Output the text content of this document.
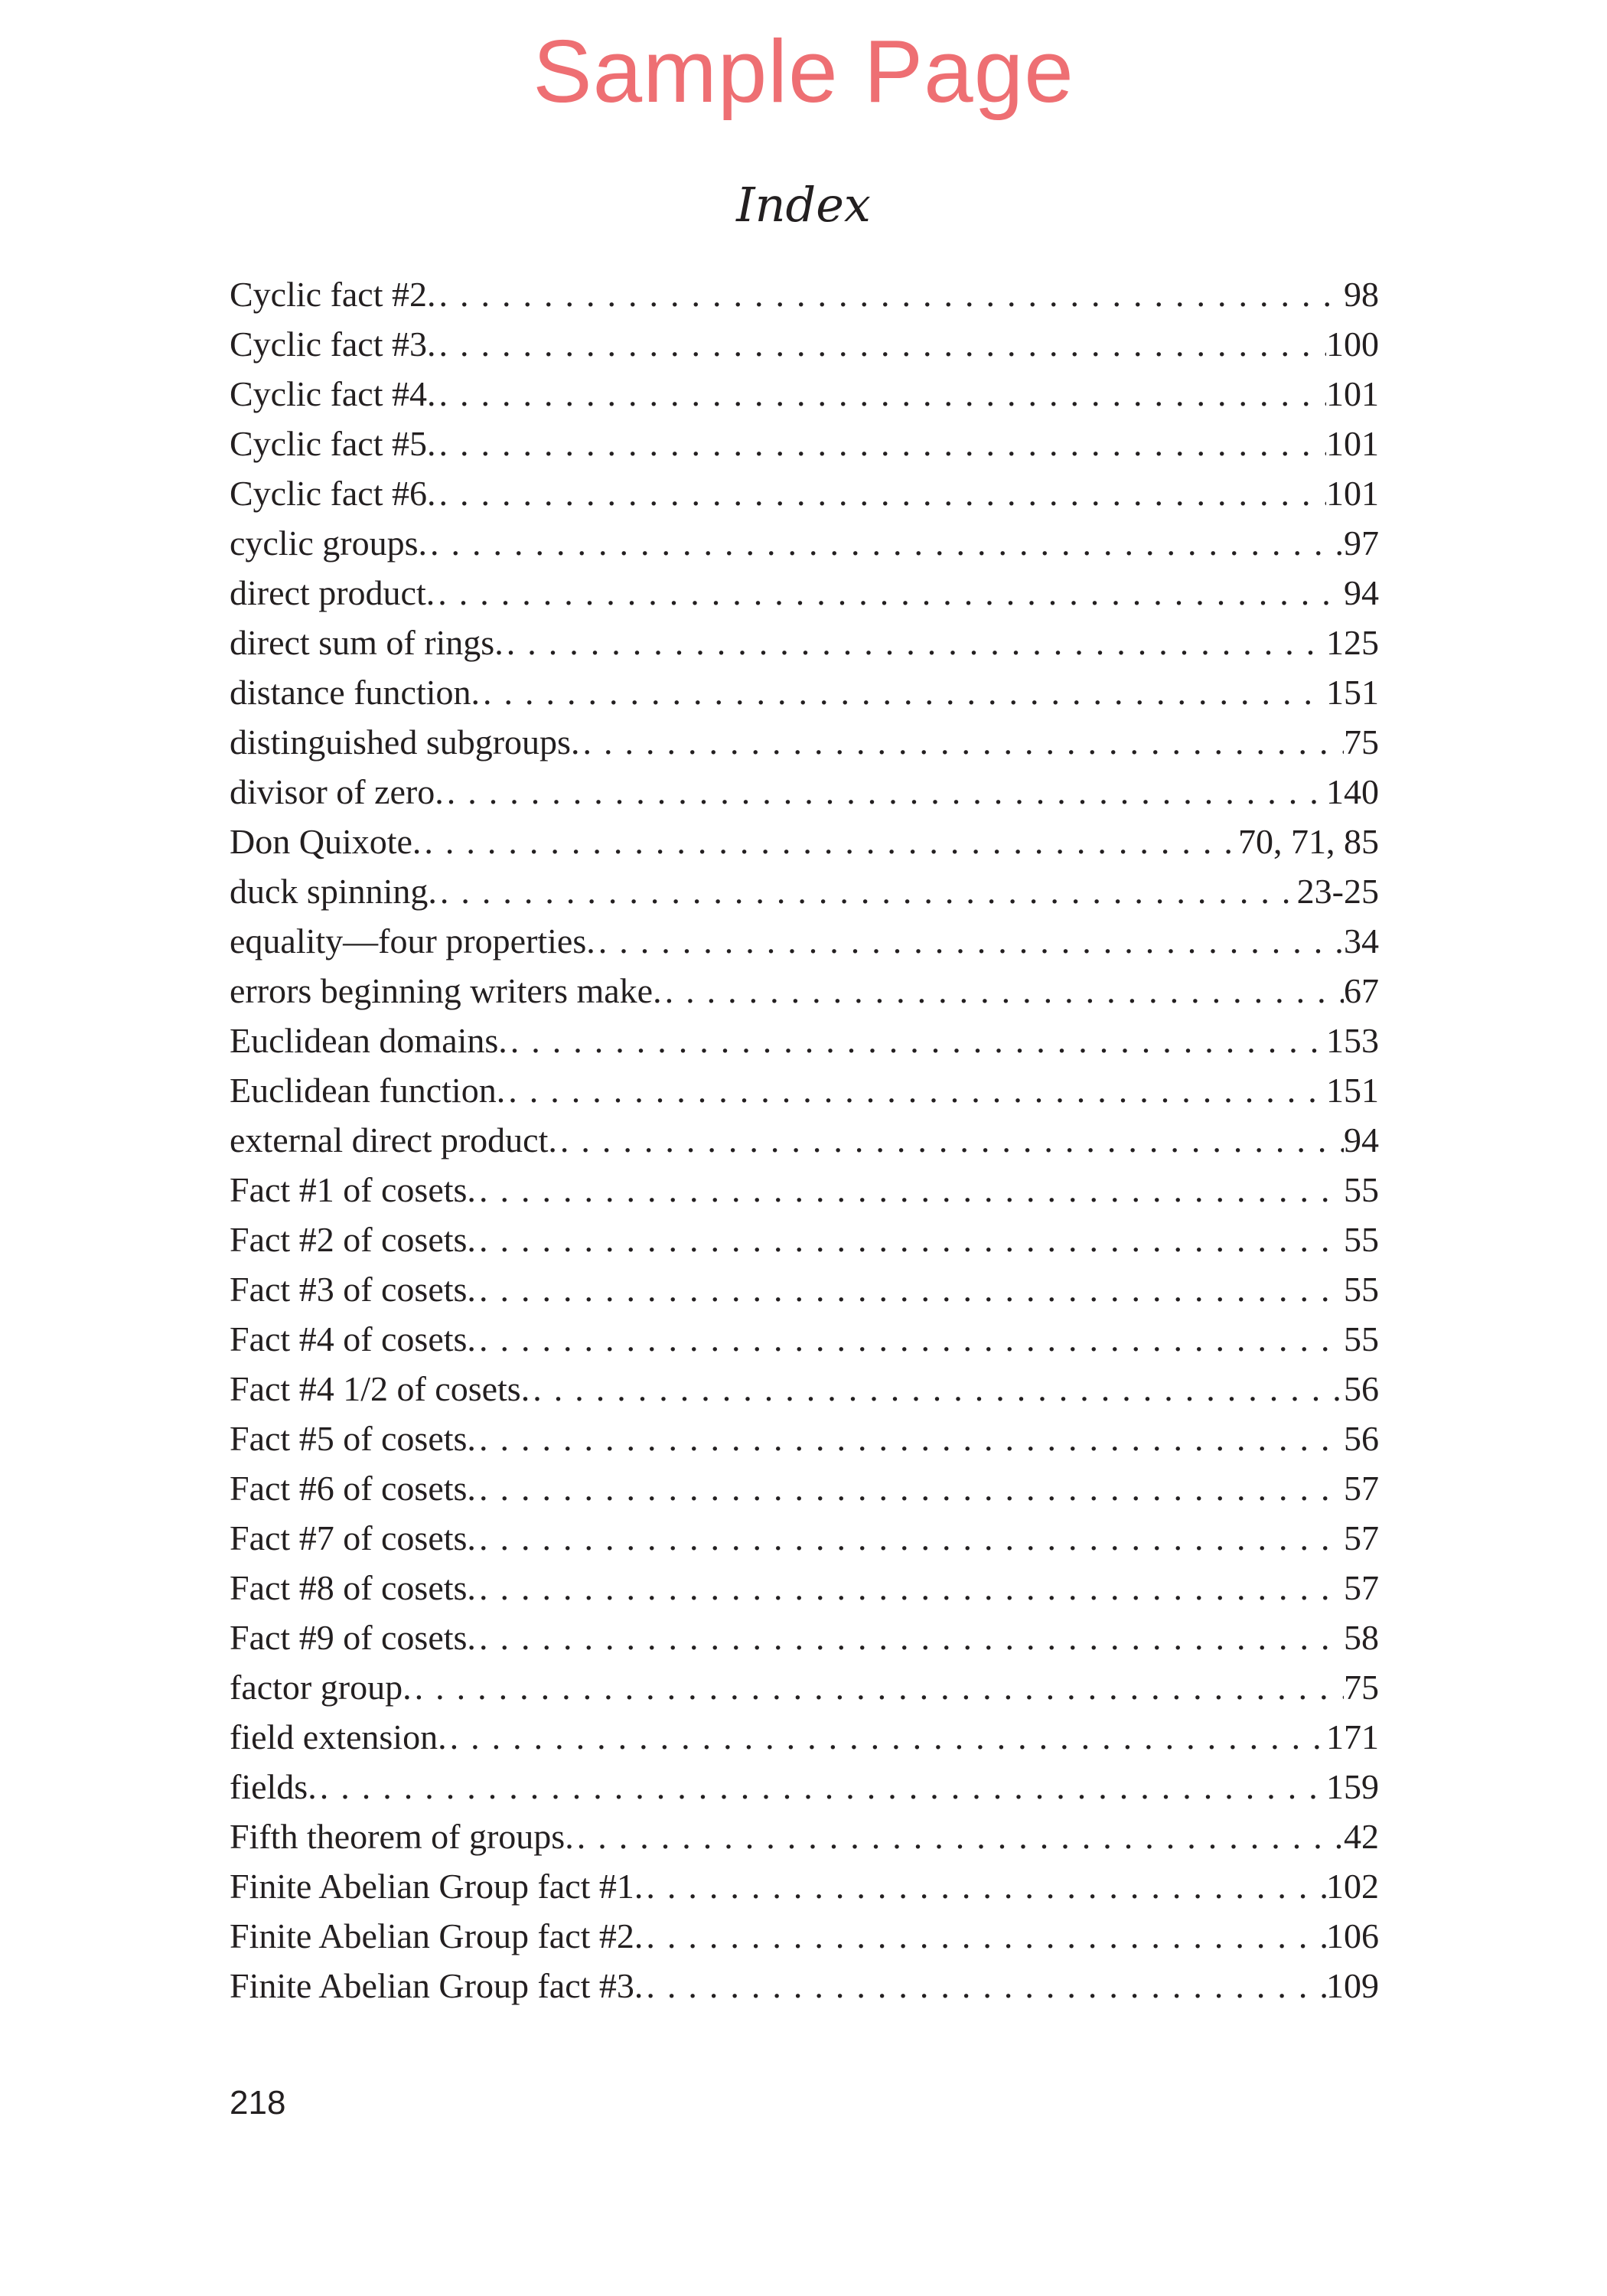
Sample Page
Index
Cyclic fact #2. . . .	98
Cyclic fact #3. . . .	100
Cyclic fact #4. . . .	101
Cyclic fact #5. . . .	101
Cyclic fact #6. . . .	101
cyclic groups. . . .	97
direct product. . . .	94
direct sum of rings. . . .	125
distance function. . . .	151
distinguished subgroups. . . .	75
divisor of zero. . . .	140
Don Quixote. . . .	70, 71, 85
duck spinning. . . .	23-25
equality—four properties. . . .	34
errors beginning writers make. . . .	67
Euclidean domains. . . .	153
Euclidean function. . . .	151
external direct product. . . .	94
Fact #1 of cosets. . . .	55
Fact #2 of cosets. . . .	55
Fact #3 of cosets. . . .	55
Fact #4 of cosets. . . .	55
Fact #4 1/2 of cosets. . . .	56
Fact #5 of cosets. . . .	56
Fact #6 of cosets. . . .	57
Fact #7 of cosets. . . .	57
Fact #8 of cosets. . . .	57
Fact #9 of cosets. . . .	58
factor group. . . .	75
field extension. . . .	171
fields. . . .	159
Fifth theorem of groups. . . .	42
Finite Abelian Group fact #1. . . .	102
Finite Abelian Group fact #2. . . .	106
Finite Abelian Group fact #3. . . .	109
218
